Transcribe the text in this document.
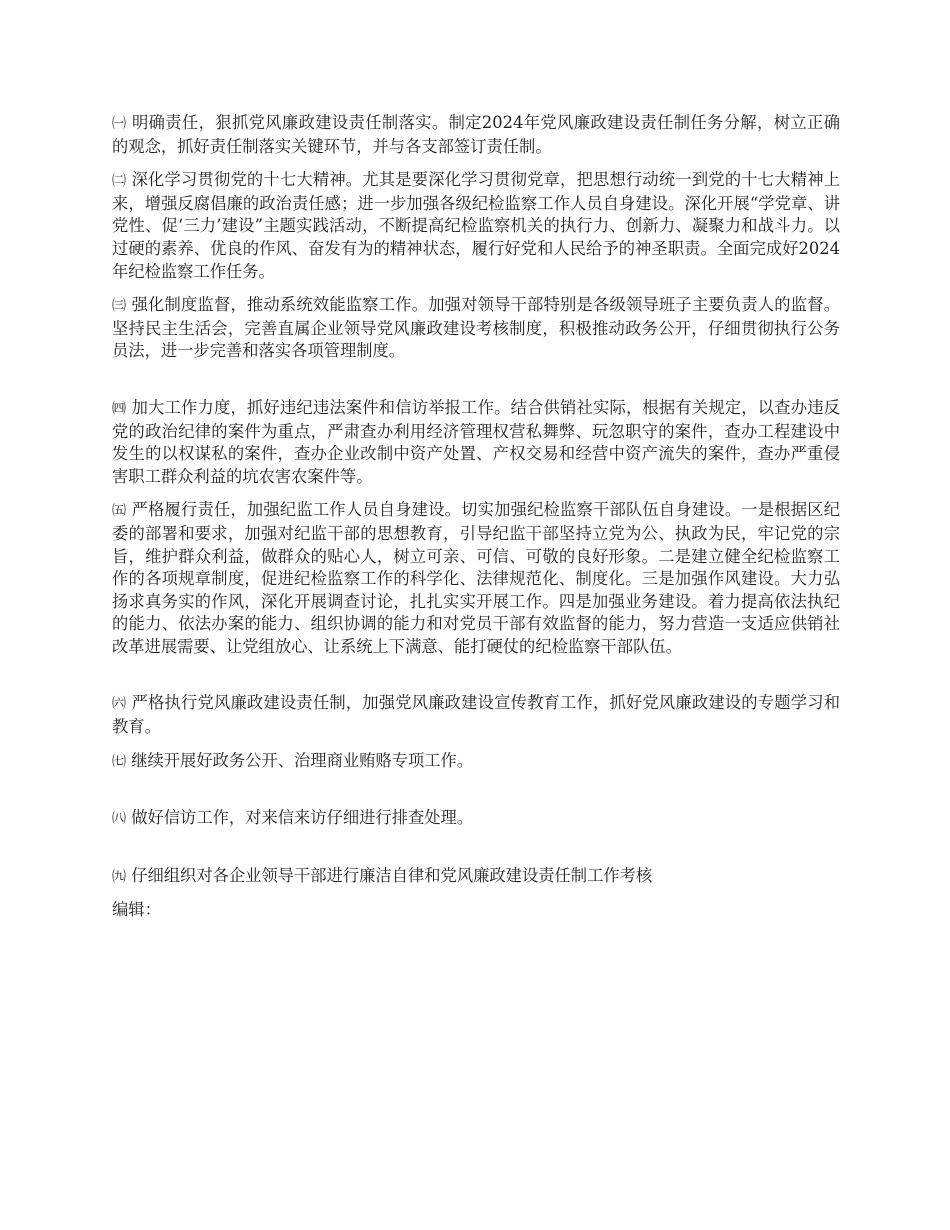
㈠ 明确责任，狠抓党风廉政建设责任制落实。制定2024年党风廉政建设责任制任务分解，树立正确的观念，抓好责任制落实关键环节，并与各支部签订责任制。

㈡ 深化学习贯彻党的十七大精神。尤其是要深化学习贯彻党章，把思想行动统一到党的十七大精神上来，增强反腐倡廉的政治责任感；进一步加强各级纪检监察工作人员自身建设。深化开展“学党章、讲党性、促‘三力’建设”主题实践活动，不断提高纪检监察机关的执行力、创新力、凝聚力和战斗力。以过硬的素养、优良的作风、奋发有为的精神状态，履行好党和人民给予的神圣职责。全面完成好2024年纪检监察工作任务。

㈢ 强化制度监督，推动系统效能监察工作。加强对领导干部特别是各级领导班子主要负责人的监督。坚持民主生活会，完善直属企业领导党风廉政建设考核制度，积极推动政务公开，仔细贯彻执行公务员法，进一步完善和落实各项管理制度。

㈣ 加大工作力度，抓好违纪违法案件和信访举报工作。结合供销社实际，根据有关规定，以查办违反党的政治纪律的案件为重点，严肃查办利用经济管理权营私舞弊、玩忽职守的案件，查办工程建设中发生的以权谋私的案件，查办企业改制中资产处置、产权交易和经营中资产流失的案件，查办严重侵害职工群众利益的坑农害农案件等。

㈤ 严格履行责任，加强纪监工作人员自身建设。切实加强纪检监察干部队伍自身建设。一是根据区纪委的部署和要求，加强对纪监干部的思想教育，引导纪监干部坚持立党为公、执政为民，牢记党的宗旨，维护群众利益，做群众的贴心人，树立可亲、可信、可敬的良好形象。二是建立健全纪检监察工作的各项规章制度，促进纪检监察工作的科学化、法律规范化、制度化。三是加强作风建设。大力弘扬求真务实的作风，深化开展调查讨论，扎扎实实开展工作。四是加强业务建设。着力提高依法执纪的能力、依法办案的能力、组织协调的能力和对党员干部有效监督的能力，努力营造一支适应供销社改革进展需要、让党组放心、让系统上下满意、能打硬仗的纪检监察干部队伍。

㈥ 严格执行党风廉政建设责任制，加强党风廉政建设宣传教育工作，抓好党风廉政建设的专题学习和教育。

㈦ 继续开展好政务公开、治理商业贿赂专项工作。

㈧ 做好信访工作，对来信来访仔细进行排查处理。

㈨ 仔细组织对各企业领导干部进行廉洁自律和党风廉政建设责任制工作考核

编辑：
